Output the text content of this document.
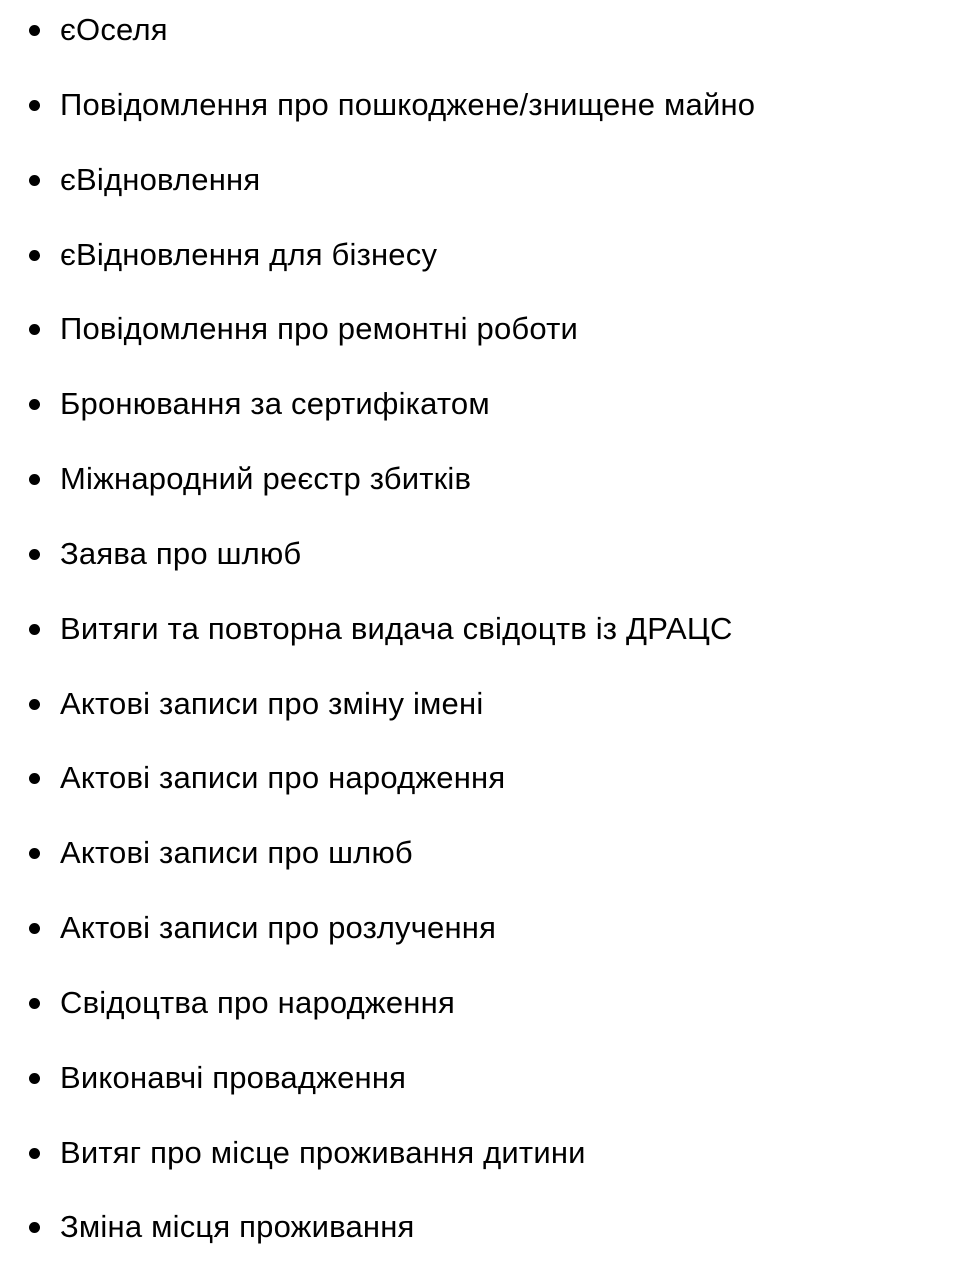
єОселя
Повідомлення про пошкоджене/знищене майно
єВідновлення
єВідновлення для бізнесу
Повідомлення про ремонтні роботи
Бронювання за сертифікатом
Міжнародний реєстр збитків
Заява про шлюб
Витяги та повторна видача свідоцтв із ДРАЦС
Актові записи про зміну імені
Актові записи про народження
Актові записи про шлюб
Актові записи про розлучення
Свідоцтва про народження
Виконавчі провадження
Витяг про місце проживання дитини
Зміна місця проживання
